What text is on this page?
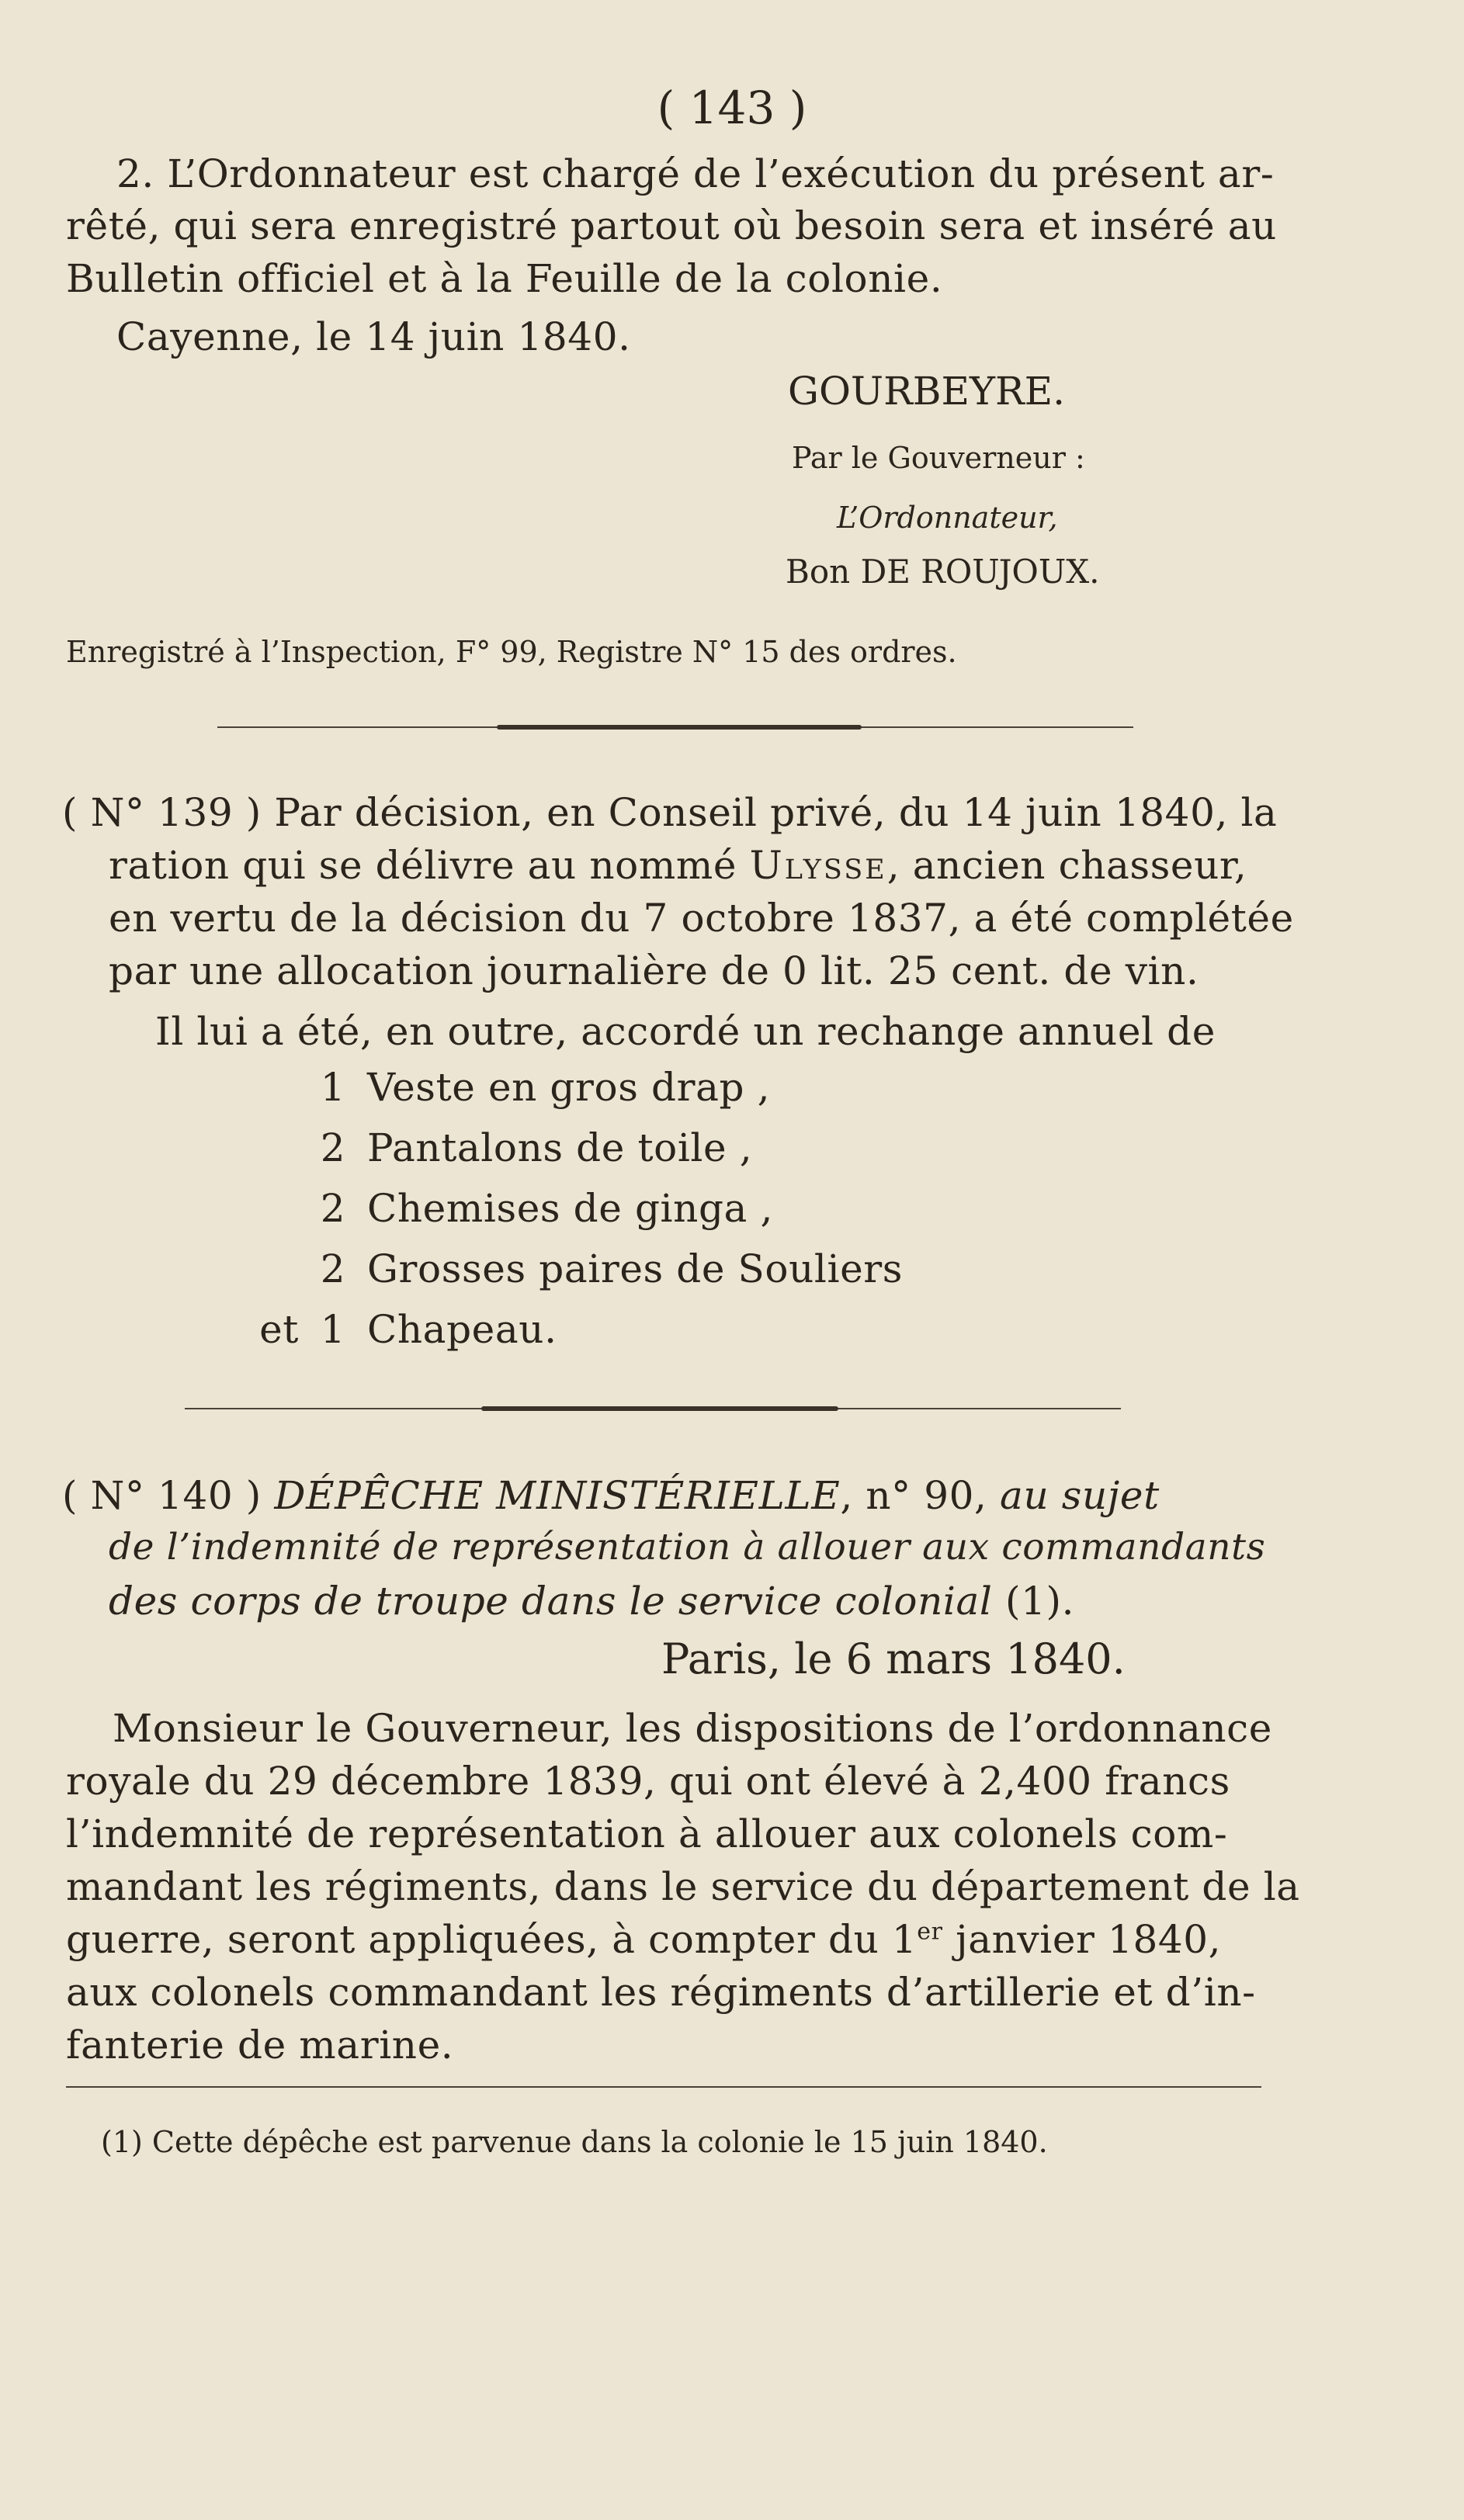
( 143 )
2. L’Ordonnateur est chargé de l’exécution du présent ar-
rêté, qui sera enregistré partout où besoin sera et inséré au
Bulletin officiel et à la Feuille de la colonie.
Cayenne, le 14 juin 1840.
GOURBEYRE.
Par le Gouverneur :
L’Ordonnateur,
Bon DE ROUJOUX.
Enregistré à l’Inspection, F° 99, Registre N° 15 des ordres.
( N° 139 ) Par décision, en Conseil privé, du 14 juin 1840, la
ration qui se délivre au nommé Ulysse, ancien chasseur,
en vertu de la décision du 7 octobre 1837, a été complétée
par une allocation journalière de 0 lit. 25 cent. de vin.
Il lui a été, en outre, accordé un rechange annuel de
1 Veste en gros drap ,
2 Pantalons de toile ,
2 Chemises de ginga ,
2 Grosses paires de Souliers
et 1 Chapeau.
( N° 140 ) DÉPÊCHE MINISTÉRIELLE, n° 90, au sujet
de l’indemnité de représentation à allouer aux commandants
des corps de troupe dans le service colonial (1).
Paris, le 6 mars 1840.
Monsieur le Gouverneur, les dispositions de l’ordonnance
royale du 29 décembre 1839, qui ont élevé à 2,400 francs
l’indemnité de représentation à allouer aux colonels com-
mandant les régiments, dans le service du département de la
guerre, seront appliquées, à compter du 1er janvier 1840,
aux colonels commandant les régiments d’artillerie et d’in-
fanterie de marine.
(1) Cette dépêche est parvenue dans la colonie le 15 juin 1840.
